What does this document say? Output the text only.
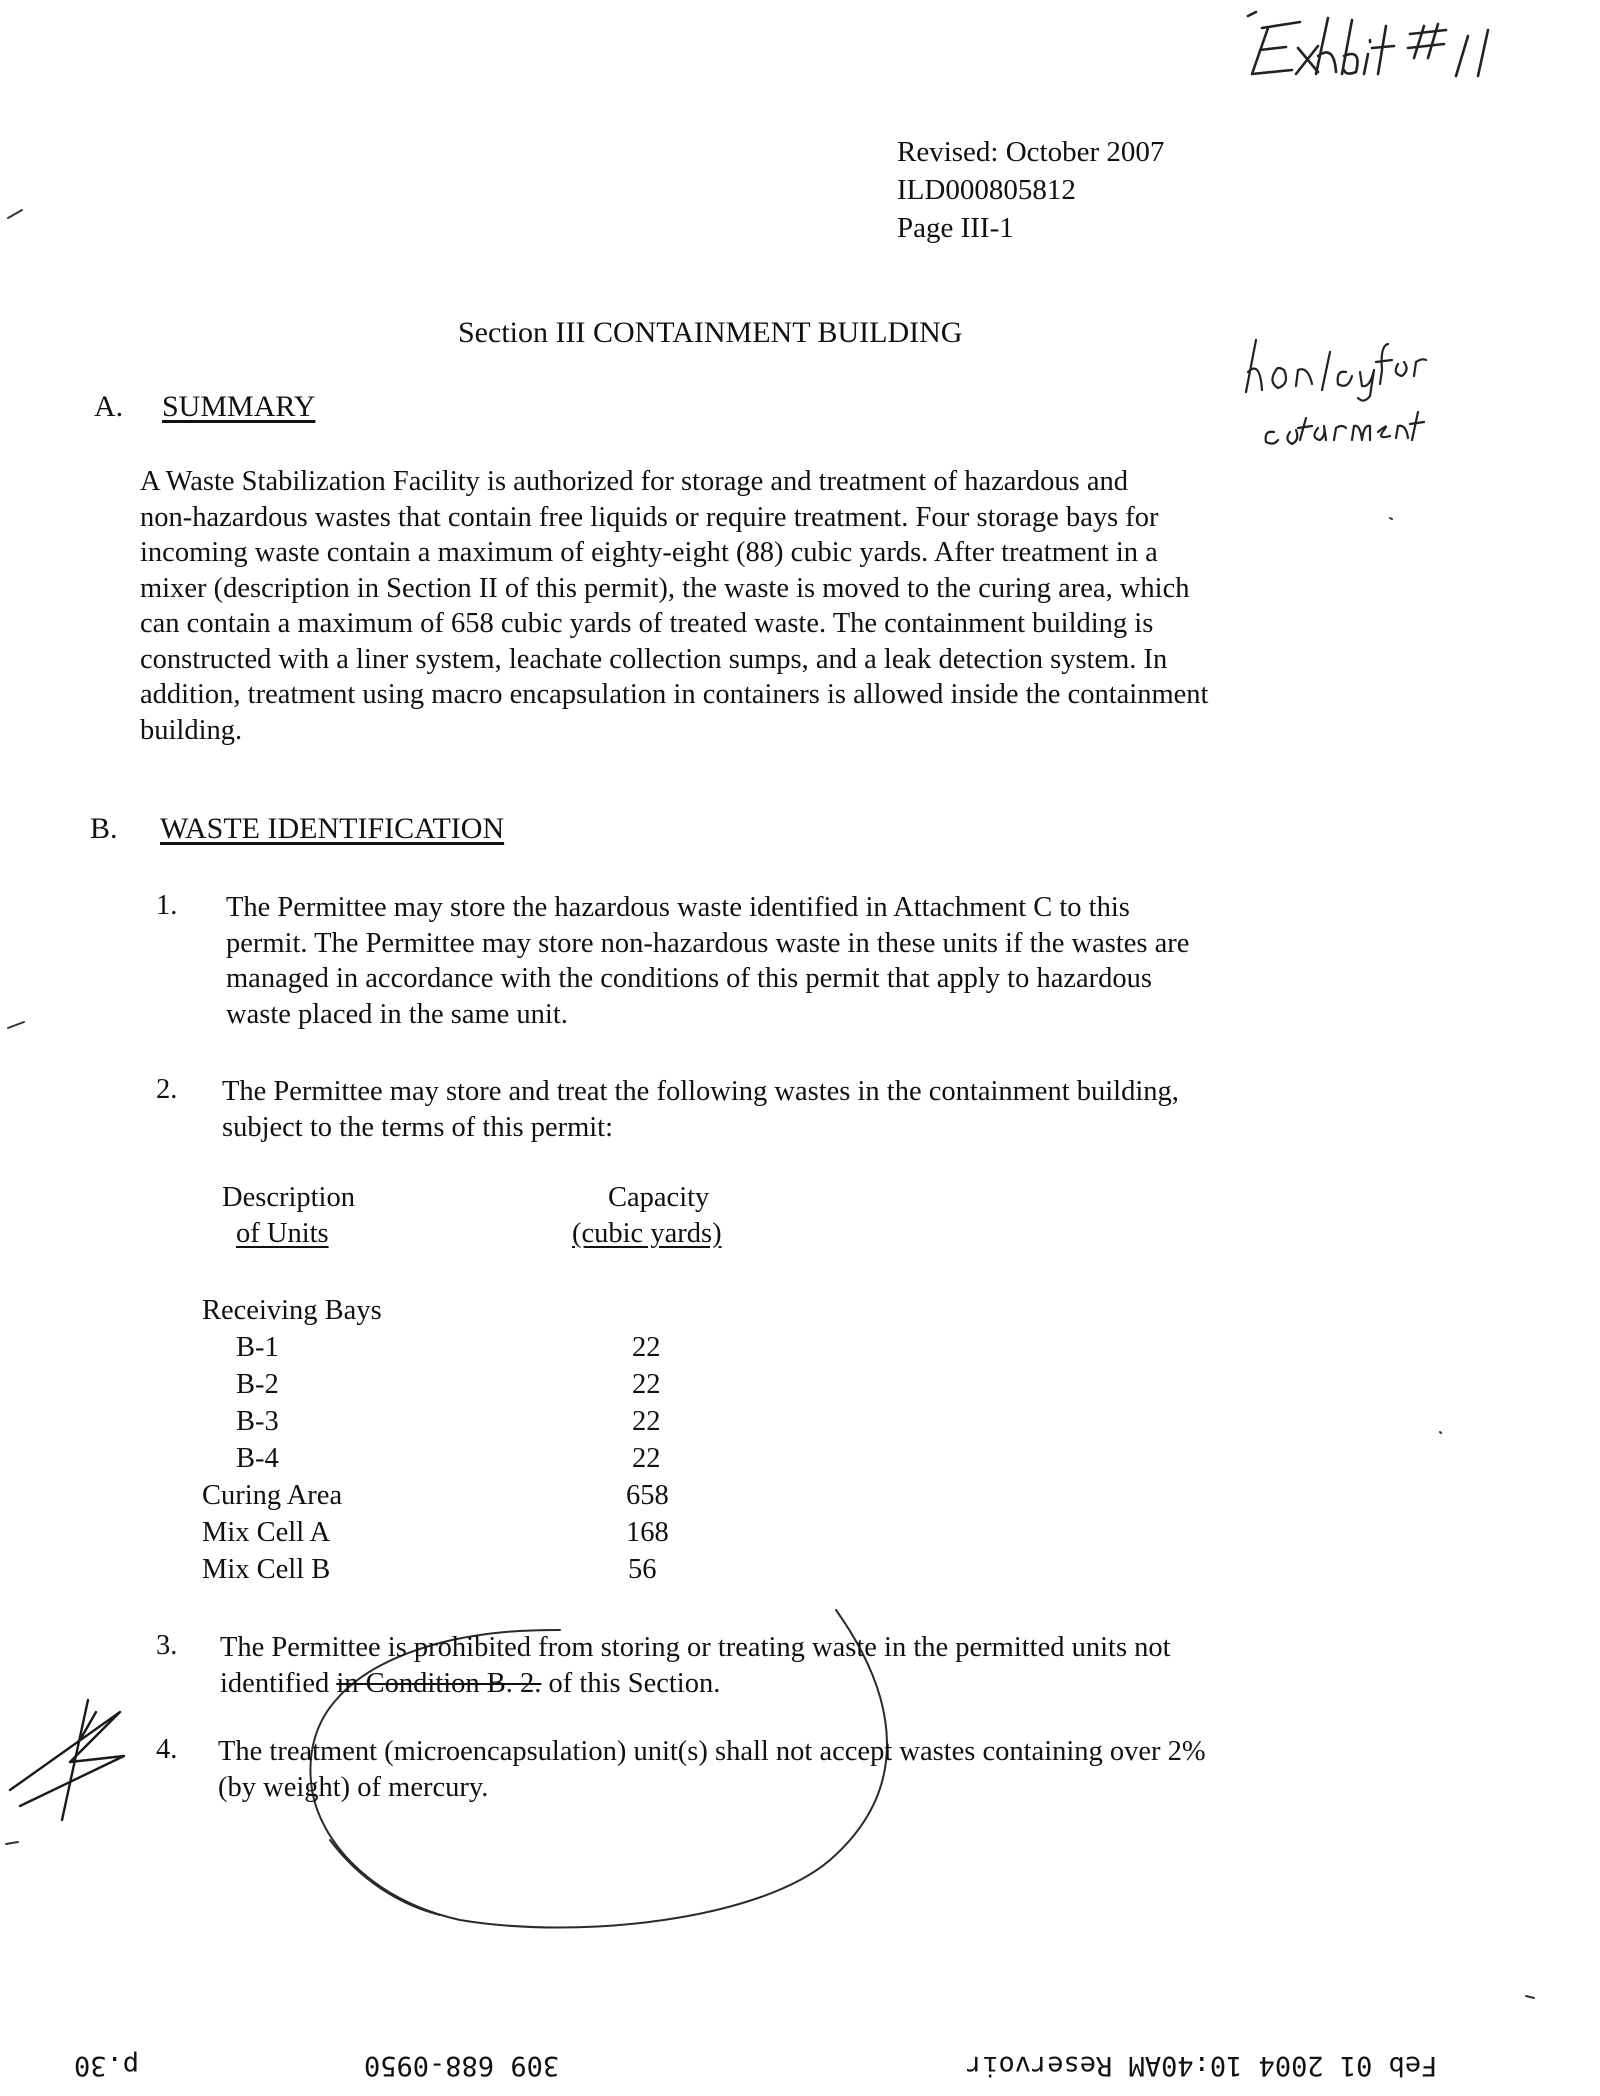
Revised: October 2007
ILD000805812
Page III-1
Section III CONTAINMENT BUILDING
A. SUMMARY
A Waste Stabilization Facility is authorized for storage and treatment of hazardous and
non-hazardous wastes that contain free liquids or require treatment. Four storage bays for
incoming waste contain a maximum of eighty-eight (88) cubic yards. After treatment in a
mixer (description in Section II of this permit), the waste is moved to the curing area, which
can contain a maximum of 658 cubic yards of treated waste. The containment building is
constructed with a liner system, leachate collection sumps, and a leak detection system. In
addition, treatment using macro encapsulation in containers is allowed inside the containment
building.
B. WASTE IDENTIFICATION
1. The Permittee may store the hazardous waste identified in Attachment C to this
permit. The Permittee may store non-hazardous waste in these units if the wastes are
managed in accordance with the conditions of this permit that apply to hazardous
waste placed in the same unit.
2. The Permittee may store and treat the following wastes in the containment building,
subject to the terms of this permit:
Description
of Units
Capacity
(cubic yards)
Receiving Bays
B-1	22
B-2	22
B-3	22
B-4	22
Curing Area	658
Mix Cell A	168
Mix Cell B	56
3. The Permittee is prohibited from storing or treating waste in the permitted units not
identified in Condition B. 2. of this Section.
4. The treatment (microencapsulation) unit(s) shall not accept wastes containing over 2%
(by weight) of mercury.
p.30	309 688-0950	Feb 01 2004 10:40AM Reservoir
